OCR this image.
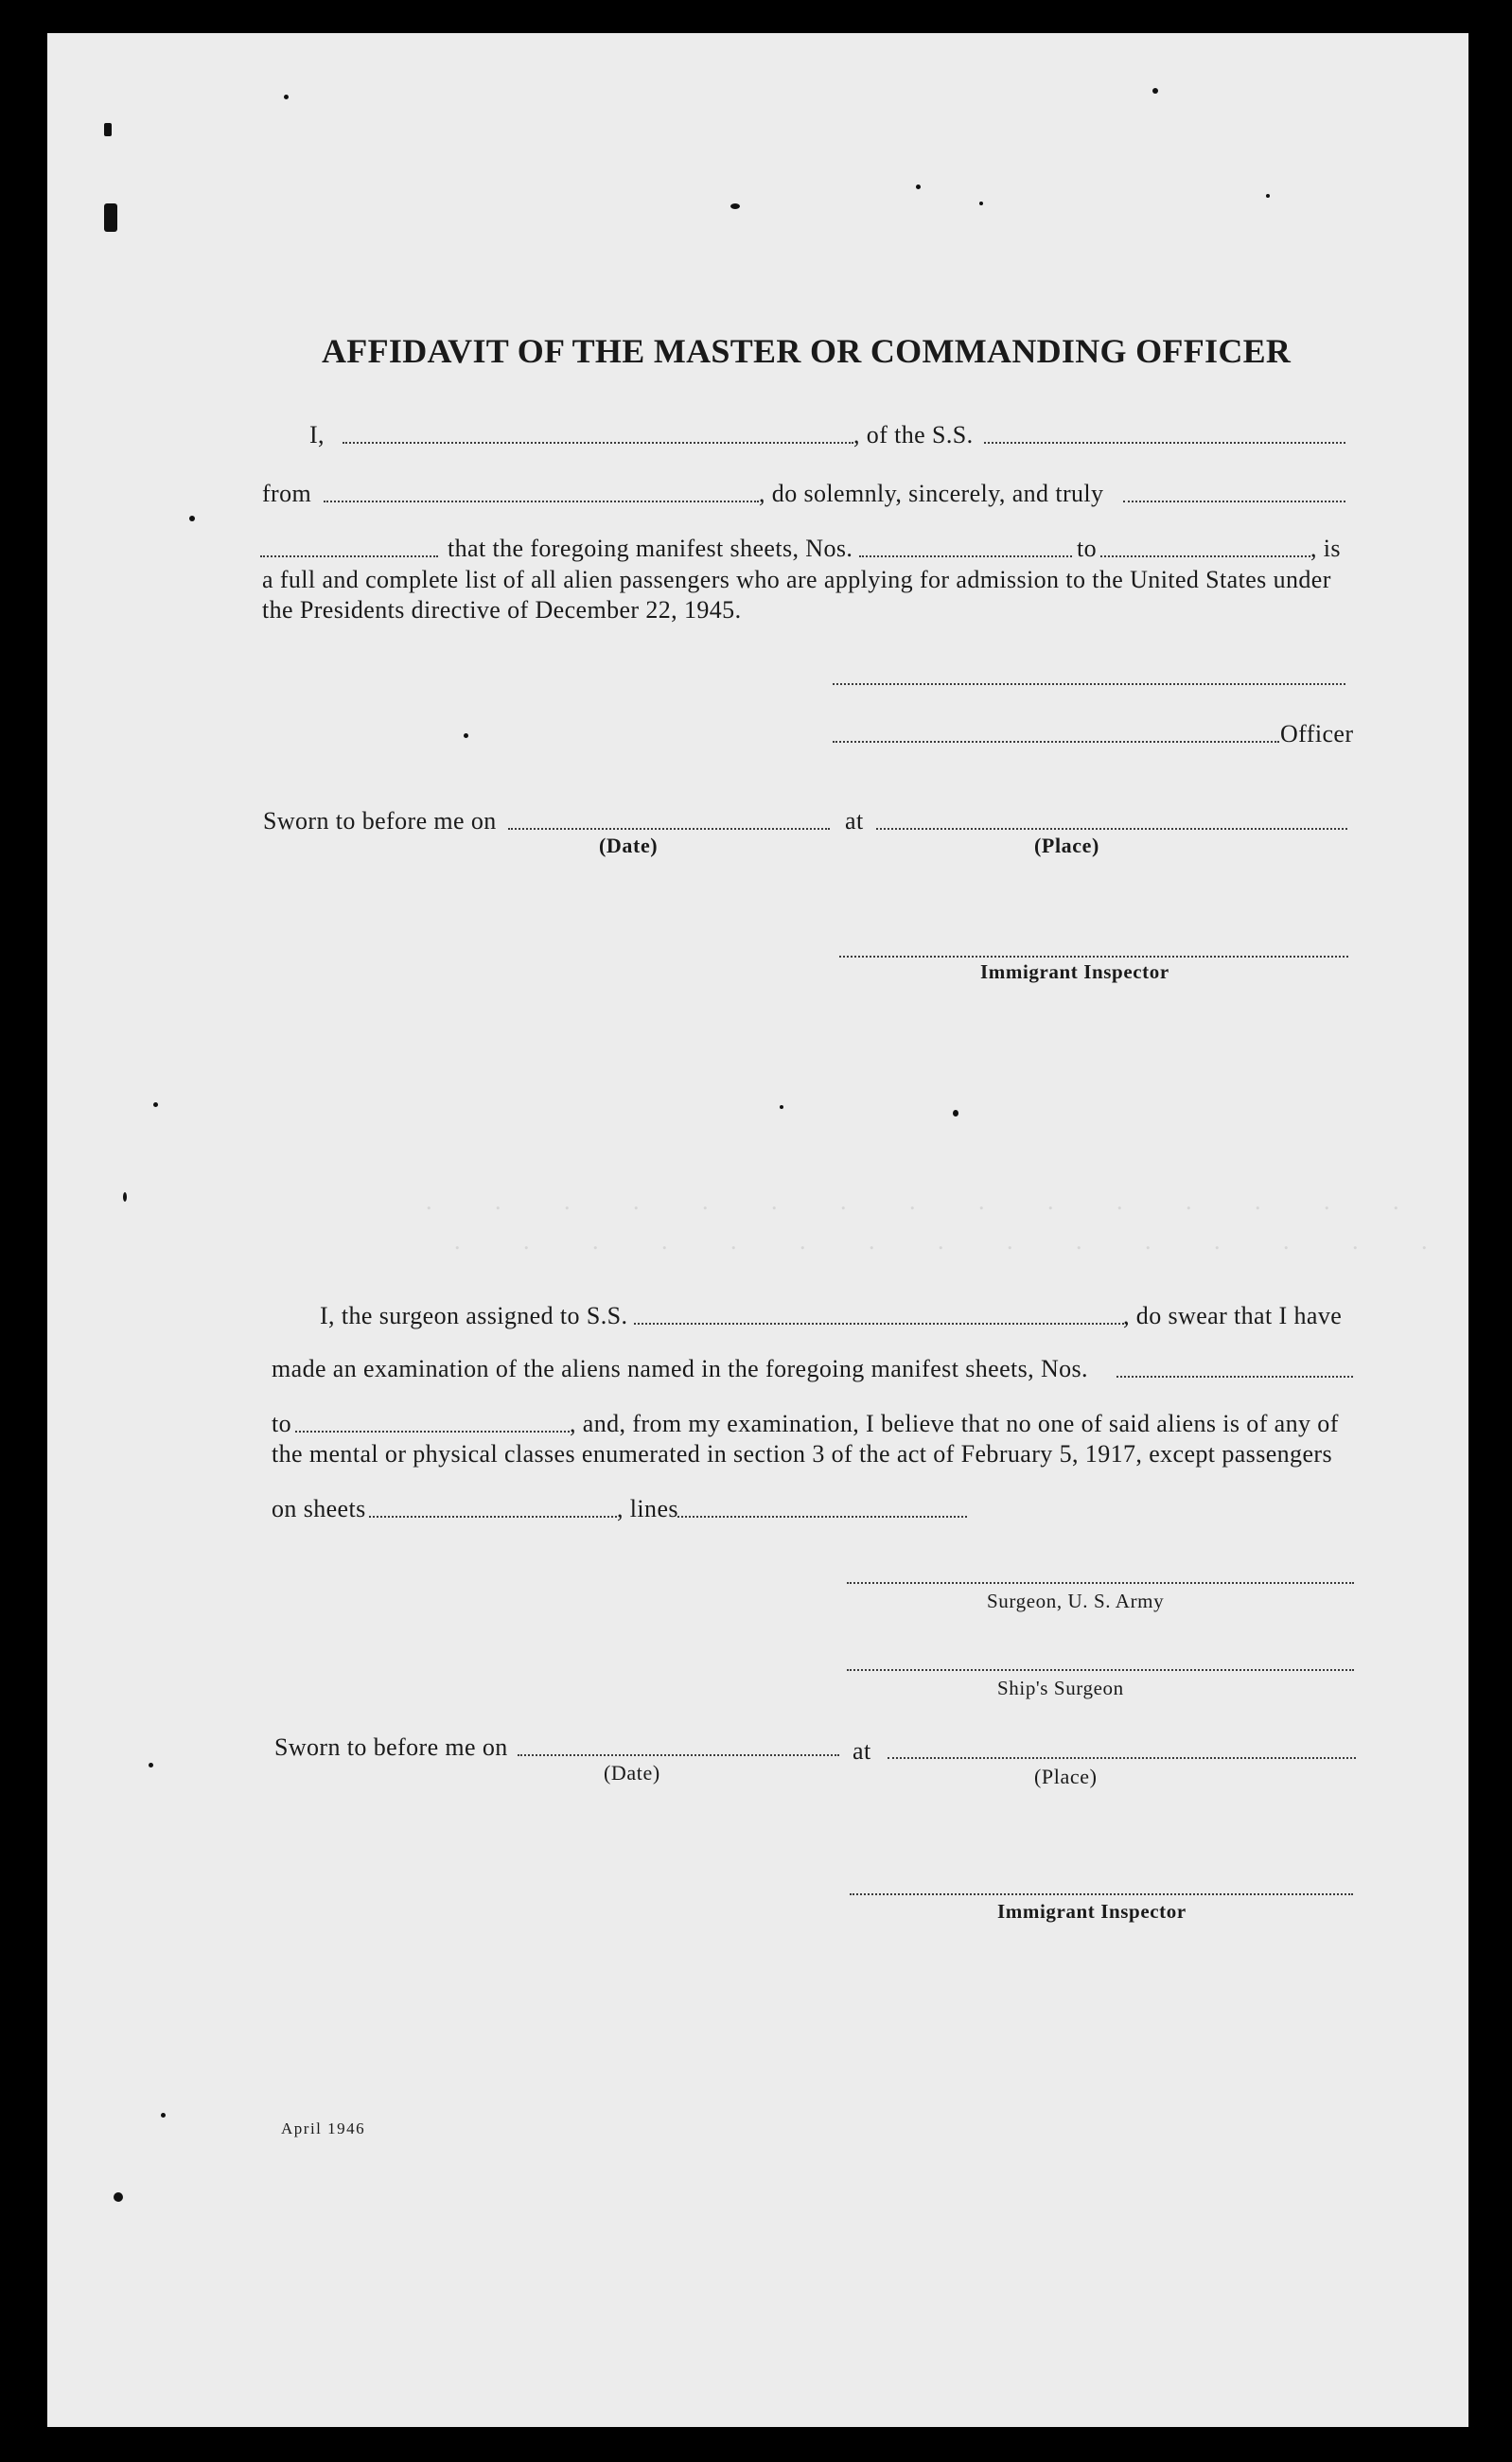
AFFIDAVIT OF THE MASTER OR COMMANDING OFFICER
I,	, of the S.S.
from	, do solemnly, sincerely, and truly
that the foregoing manifest sheets, Nos.	to	, is
a full and complete list of all alien passengers who are applying for admission to the United States under
the Presidents directive of December 22, 1945.
Officer
Sworn to before me on	at
(Date)	(Place)
Immigrant Inspector
. . . . . . . . . . . . . . .
. . . . . . . . . . . . . . .
I, the surgeon assigned to S.S.	, do swear that I have
made an examination of the aliens named in the foregoing manifest sheets, Nos.
to	, and, from my examination, I believe that no one of said aliens is of any of
the mental or physical classes enumerated in section 3 of the act of February 5, 1917, except passengers
on sheets	, lines
Surgeon, U. S. Army
Ship's Surgeon
Sworn to before me on	at
(Date)	(Place)
Immigrant Inspector
April 1946
